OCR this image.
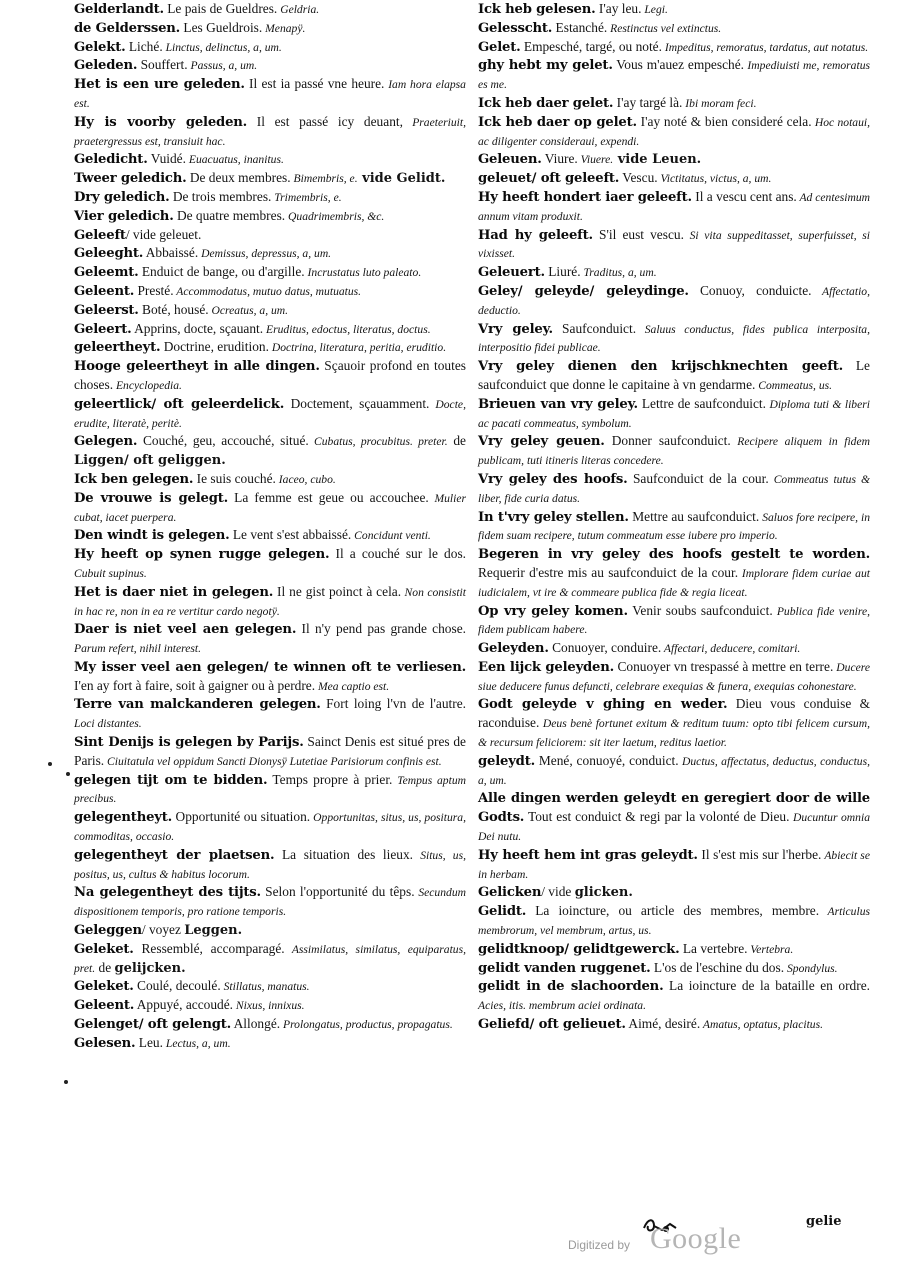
Gelderlandt. Le pais de Gueldres. Geldria.
de Gelderssen. Les Gueldrois. Menapÿ.
Gelekt. Liché. Linctus, delinctus, a, um.
Geleden. Souffert. Passus, a, um.
Het is een ure geleden. Il est ia passé vne heure. Iam hora elapsa est.
Hy is voorby geleden. Il est passé icy deuant, Praeteriuit, praetergressus est, transiuit hac.
Geledicht. Vuidé. Euacuatus, inanitus.
Tweer geledich. De deux membres. Bimembris, e. vide Gelidt.
Dry geledich. De trois membres. Trimembris, e.
Vier geledich. De quatre membres. Quadrimembris, &c.
Geleeft/ vide geleuet.
Geleeght. Abbaissé. Demissus, depressus, a, um.
Geleemt. Enduict de bange, ou d'argille. Incrustatus luto paleato.
Geleent. Presté. Accommodatus, mutuo datus, mutuatus.
Geleerst. Boté, housé. Ocreatus, a, um.
Geleert. Apprins, docte, sçauant. Eruditus, edoctus, literatus, doctus.
geleertheyt. Doctrine, erudition. Doctrina, literatura, peritia, eruditio.
Hooge geleertheyt in alle dingen. Sçauoir profond en toutes choses. Encyclopedia.
geleertlick/ oft geleerdelick. Doctement, sçauamment. Docte, erudite, literatè, peritè.
Gelegen. Couché, geu, accouché, situé. Cubatus, procubitus. preter. de Liggen/ oft geliggen.
Ick ben gelegen. Ie suis couché. Iaceo, cubo.
De vrouwe is gelegt. La femme est geue ou accouchee. Mulier cubat, iacet puerpera.
Den windt is gelegen. Le vent s'est abbaissé. Concidunt venti.
Hy heeft op synen rugge gelegen. Il a couché sur le dos. Cubuit supinus.
Het is daer niet in gelegen. Il ne gist poinct à cela. Non consistit in hac re, non in ea re vertitur cardo negotÿ.
Daer is niet veel aen gelegen. Il n'y pend pas grande chose. Parum refert, nihil interest.
My isser veel aen gelegen/ te winnen oft te verliesen. I'en ay fort à faire, soit à gaigner ou à perdre. Mea captio est.
Terre van malckanderen gelegen. Fort loing l'vn de l'autre. Loci distantes.
Sint Denijs is gelegen by Parijs. Sainct Denis est situé pres de Paris. Ciuitatula vel oppidum Sancti Dionysÿ Lutetiae Parisiorum confinis est.
gelegen tijt om te bidden. Temps propre à prier. Tempus aptum precibus.
gelegentheyt. Opportunité ou situation. Opportunitas, situs, us, positura, commoditas, occasio.
gelegentheyt der plaetsen. La situation des lieux. Situs, us, positus, us, cultus & habitus locorum.
Na gelegentheyt des tijts. Selon l'opportunité du têps. Secundum dispositionem temporis, pro ratione temporis.
Geleggen/ voyez Leggen.
Geleket. Ressemblé, accomparagé. Assimilatus, similatus, equiparatus, pret. de gelijcken.
Geleket. Coulé, decoulé. Stillatus, manatus.
Geleent. Appuyé, accoudé. Nixus, innixus.
Gelenget/ oft gelengt. Allongé. Prolongatus, productus, propagatus.
Gelesen. Leu. Lectus, a, um.
Ick heb gelesen. I'ay leu. Legi.
Gelesscht. Estanché. Restinctus vel extinctus.
Gelet. Empesché, targé, ou noté. Impeditus, remoratus, tardatus, aut notatus.
ghy hebt my gelet. Vous m'auez empesché. Impediuisti me, remoratus es me.
Ick heb daer gelet. I'ay targé là. Ibi moram feci.
Ick heb daer op gelet. I'ay noté & bien consideré cela. Hoc notaui, ac diligenter consideraui, expendi.
Geleuen. Viure. Viuere. vide Leuen.
geleuet/ oft geleeft. Vescu. Victitatus, victus, a, um.
Hy heeft hondert iaer geleeft. Il a vescu cent ans. Ad centesimum annum vitam produxit.
Had hy geleeft. S'il eust vescu. Si vita suppeditasset, superfuisset, si vixisset.
Geleuert. Liuré. Traditus, a, um.
Geley/ geleyde/ geleydinge. Conuoy, conduicte. Affectatio, deductio.
Vry geley. Saufconduict. Saluus conductus, fides publica interposita, interpositio fidei publicae.
Vry geley dienen den krijschknechten geeft. Le saufconduict que donne le capitaine à vn gendarme. Commeatus, us.
Brieuen van vry geley. Lettre de saufconduict. Diploma tuti & liberi ac pacati commeatus, symbolum.
Vry geley geuen. Donner saufconduict. Recipere aliquem in fidem publicam, tuti itineris literas concedere.
Vry geley des hoofs. Saufconduict de la cour. Commeatus tutus & liber, fide curia datus.
In t'vry geley stellen. Mettre au saufconduict. Saluos fore recipere, in fidem suam recipere, tutum commeatum esse iubere pro imperio.
Begeren in vry geley des hoofs gestelt te worden. Requerir d'estre mis au saufconduict de la cour. Implorare fidem curiae aut iudicialem, vt ire & commeare publica fide & regia liceat.
Op vry geley komen. Venir soubs saufconduict. Publica fide venire, fidem publicam habere.
Geleyden. Conuoyer, conduire. Affectari, deducere, comitari.
Een lijck geleyden. Conuoyer vn trespassé à mettre en terre. Ducere siue deducere funus defuncti, celebrare exequias & funera, exequias cohonestare.
Godt geleyde v ghing en weder. Dieu vous conduise & raconduise. Deus benè fortunet exitum & reditum tuum: opto tibi felicem cursum, & recursum feliciorem: sit iter laetum, reditus laetior.
geleydt. Mené, conuoyé, conduict. Ductus, affectatus, deductus, conductus, a, um.
Alle dingen werden geleydt en geregiert door de wille Godts. Tout est conduict & regi par la volonté de Dieu. Ducuntur omnia Dei nutu.
Hy heeft hem int gras geleydt. Il s'est mis sur l'herbe. Abiecit se in herbam.
Gelicken/ vide glicken.
Gelidt. La ioincture, ou article des membres, membre. Articulus membrorum, vel membrum, artus, us.
gelidtknoop/ gelidtgewerck. La vertebre. Vertebra.
gelidt vanden ruggenet. L'os de l'eschine du dos. Spondylus.
gelidt in de slachoorden. La ioincture de la bataille en ordre. Acies, itis. membrum aciei ordinata.
Geliefd/ oft gelieuet. Aimé, desiré. Amatus, optatus, placitus.
Digitized by Google
gelie
